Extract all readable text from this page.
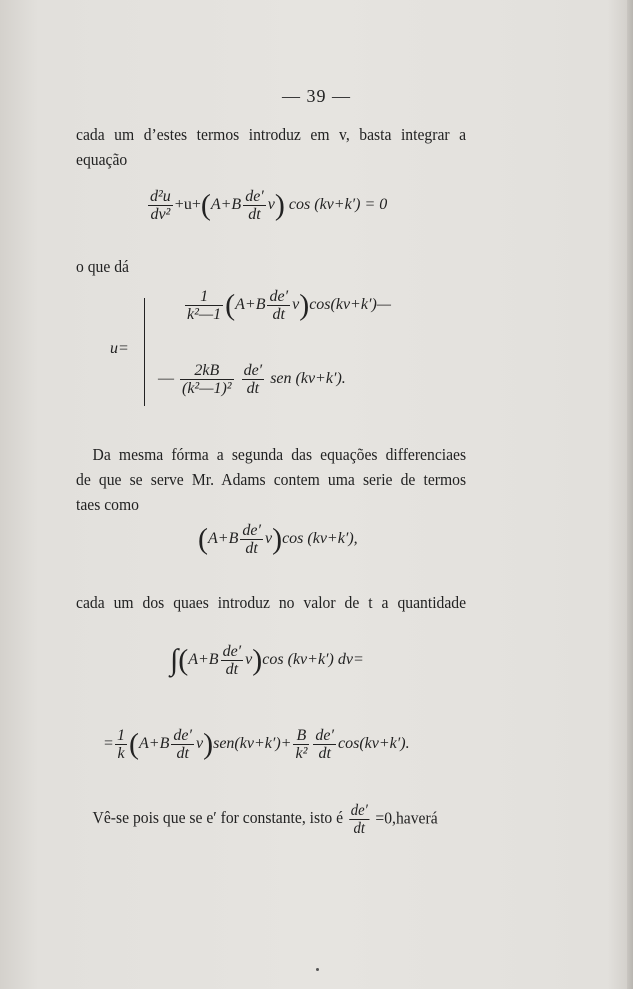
— 39 —
cada um d’estes termos introduz em v, basta integrar a
equação
$\frac{\text{d²u}}{\text{dv²}} +u+(A+B \frac{de'}{dt} v)$ cos (kv+k′) = 0
o que dá
u=
$\frac{1}{\text{k²—1}} (A+B \frac{de'}{dt}$ v)cos(kv+k′)—
— $\frac{2kB}{\text{(k²—1)²}}$
$\frac{de'}{dt}$ sen (kv+k′).
Da mesma fórma a segunda das equações differenciaes
de que se serve Mr. Adams contem uma serie de termos
taes como
$(A+B \frac{de'}{dt} v)\cos$ (kv+k′),
cada um dos quaes introduz no valor de t a quantidade
$\int(A+B \frac{de'}{dt} v)\cos$ (kv+k′) dv=
= $\frac{1}{k} (A+B \frac{de'}{dt} v)sen(kv+k')+ \frac{B}{\text{k²}} \frac{de'}{dt} \cos(kv+k')$.
Vê-se pois que se e′ for constante, isto é $\frac{de'}{dt}$ =0,haverá
